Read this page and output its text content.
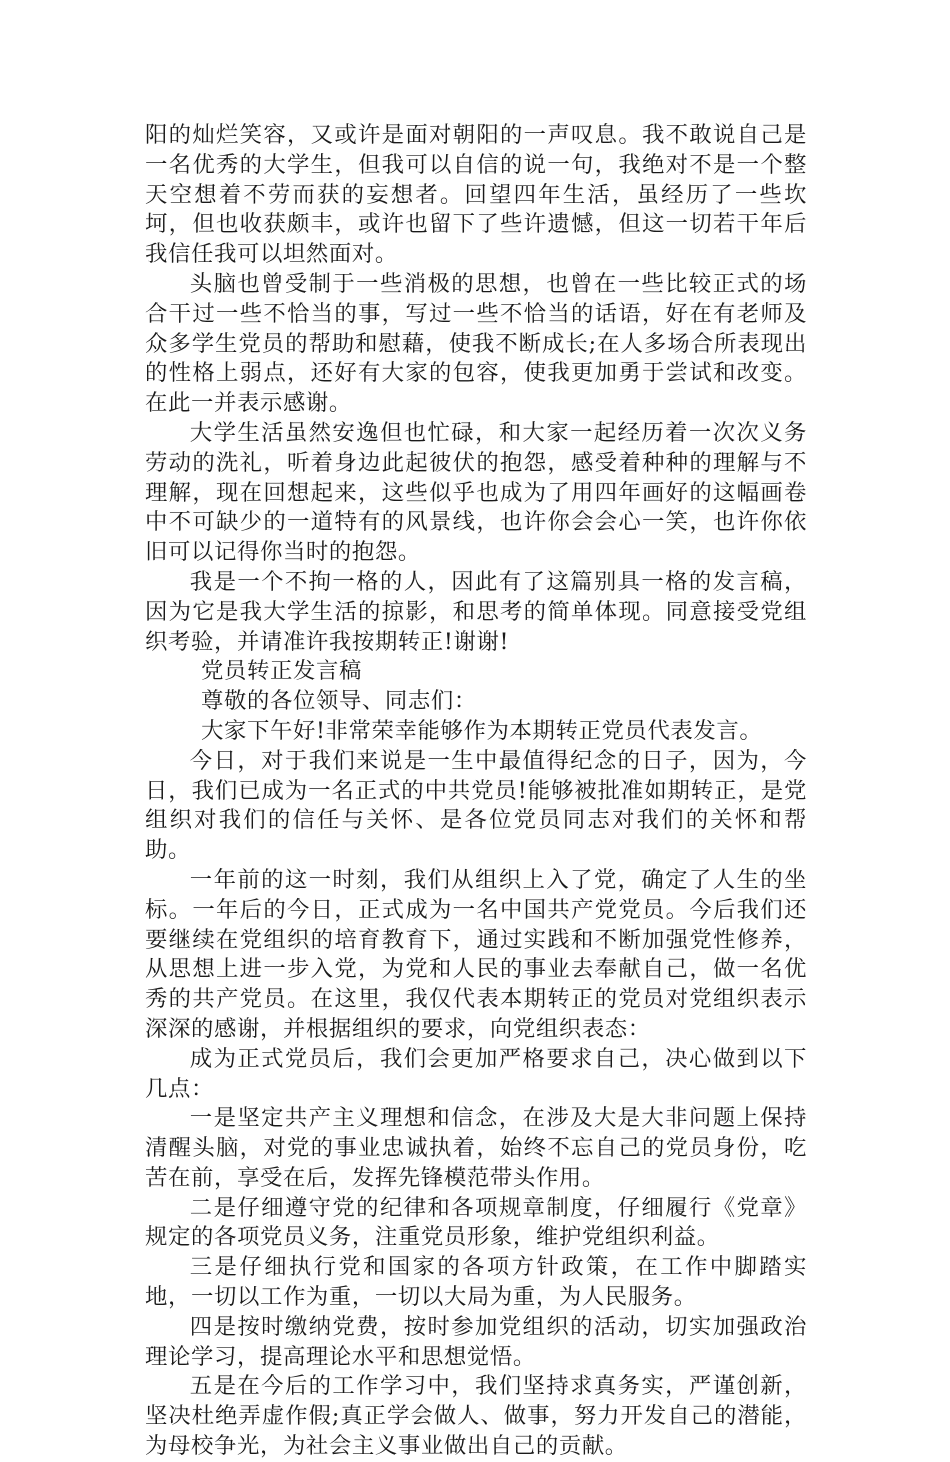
阳的灿烂笑容，又或许是面对朝阳的一声叹息。我不敢说自己是一名优秀的大学生，但我可以自信的说一句，我绝对不是一个整天空想着不劳而获的妄想者。回望四年生活，虽经历了一些坎坷，但也收获颇丰，或许也留下了些许遗憾，但这一切若干年后我信任我可以坦然面对。

头脑也曾受制于一些消极的思想，也曾在一些比较正式的场合干过一些不恰当的事，写过一些不恰当的话语，好在有老师及众多学生党员的帮助和慰藉，使我不断成长;在人多场合所表现出的性格上弱点，还好有大家的包容，使我更加勇于尝试和改变。在此一并表示感谢。

大学生活虽然安逸但也忙碌，和大家一起经历着一次次义务劳动的洗礼，听着身边此起彼伏的抱怨，感受着种种的理解与不理解，现在回想起来，这些似乎也成为了用四年画好的这幅画卷中不可缺少的一道特有的风景线，也许你会会心一笑，也许你依旧可以记得你当时的抱怨。

我是一个不拘一格的人，因此有了这篇别具一格的发言稿，因为它是我大学生活的掠影，和思考的简单体现。同意接受党组织考验，并请准许我按期转正!谢谢!

党员转正发言稿

尊敬的各位领导、同志们：

大家下午好!非常荣幸能够作为本期转正党员代表发言。

今日，对于我们来说是一生中最值得纪念的日子，因为，今日，我们已成为一名正式的中共党员!能够被批准如期转正，是党组织对我们的信任与关怀、是各位党员同志对我们的关怀和帮助。

一年前的这一时刻，我们从组织上入了党，确定了人生的坐标。一年后的今日，正式成为一名中国共产党党员。今后我们还要继续在党组织的培育教育下，通过实践和不断加强党性修养，从思想上进一步入党，为党和人民的事业去奉献自己，做一名优秀的共产党员。在这里，我仅代表本期转正的党员对党组织表示深深的感谢，并根据组织的要求，向党组织表态：

成为正式党员后，我们会更加严格要求自己，决心做到以下几点：

一是坚定共产主义理想和信念，在涉及大是大非问题上保持清醒头脑，对党的事业忠诚执着，始终不忘自己的党员身份，吃苦在前，享受在后，发挥先锋模范带头作用。

二是仔细遵守党的纪律和各项规章制度，仔细履行《党章》规定的各项党员义务，注重党员形象，维护党组织利益。

三是仔细执行党和国家的各项方针政策，在工作中脚踏实地，一切以工作为重，一切以大局为重，为人民服务。

四是按时缴纳党费，按时参加党组织的活动，切实加强政治理论学习，提高理论水平和思想觉悟。

五是在今后的工作学习中，我们坚持求真务实，严谨创新，坚决杜绝弄虚作假;真正学会做人、做事，努力开发自己的潜能，为母校争光，为社会主义事业做出自己的贡献。
